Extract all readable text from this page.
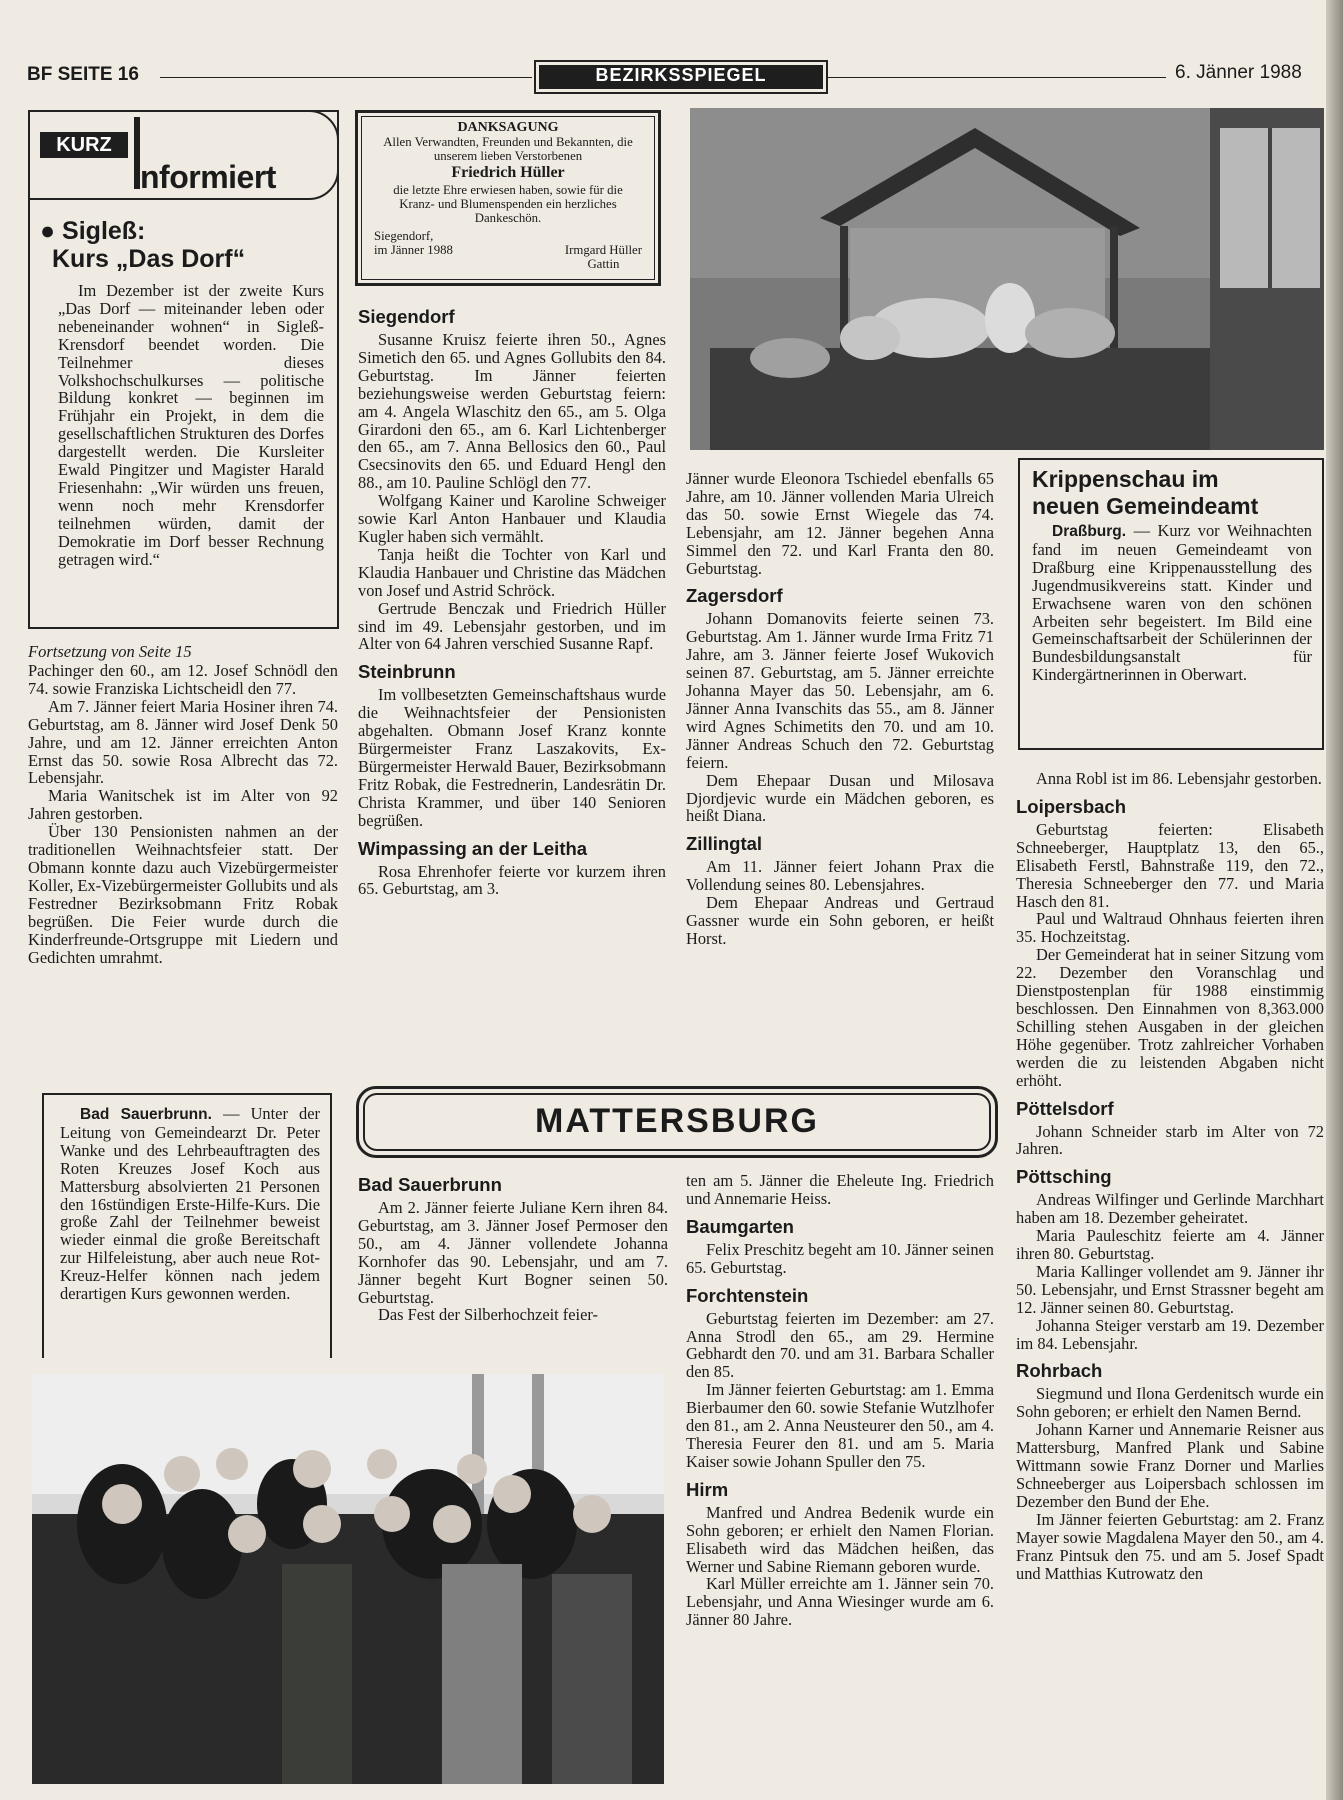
BF SEITE 16	BEZIRKSSPIEGEL	6. Jänner 1988
KURZ
nformiert
● Sigleß:
Kurs „Das Dorf“

Im Dezember ist der zweite Kurs „Das Dorf — miteinander leben oder nebeneinander wohnen“ in Sigleß-Krensdorf beendet worden. Die Teilnehmer dieses Volkshochschulkurses — politische Bildung konkret — beginnen im Frühjahr ein Projekt, in dem die gesellschaftlichen Strukturen des Dorfes dargestellt werden. Die Kursleiter Ewald Pingitzer und Magister Harald Friesenhahn: „Wir würden uns freuen, wenn noch mehr Krensdorfer teilnehmen würden, damit der Demokratie im Dorf besser Rechnung getragen wird.“

Fortsetzung von Seite 15

Pachinger den 60., am 12. Josef Schnödl den 74. sowie Franziska Lichtscheidl den 77.

Am 7. Jänner feiert Maria Hosiner ihren 74. Geburtstag, am 8. Jänner wird Josef Denk 50 Jahre, und am 12. Jänner erreichten Anton Ernst das 50. sowie Rosa Albrecht das 72. Lebensjahr.

Maria Wanitschek ist im Alter von 92 Jahren gestorben.

Über 130 Pensionisten nahmen an der traditionellen Weihnachtsfeier statt. Der Obmann konnte dazu auch Vizebürgermeister Koller, Ex-Vizebürgermeister Gollubits und als Festredner Bezirksobmann Fritz Robak begrüßen. Die Feier wurde durch die Kinderfreunde-Ortsgruppe mit Liedern und Gedichten umrahmt.

DANKSAGUNG
Allen Verwandten, Freunden und Bekannten, die unserem lieben Verstorbenen
Friedrich Hüller
die letzte Ehre erwiesen haben, sowie für die Kranz- und Blumenspenden ein herzliches Dankeschön.
Siegendorf,
im Jänner 1988	Irmgard Hüller
Gattin
Siegendorf

Susanne Kruisz feierte ihren 50., Agnes Simetich den 65. und Agnes Gollubits den 84. Geburtstag. Im Jänner feierten beziehungsweise werden Geburtstag feiern: am 4. Angela Wlaschitz den 65., am 5. Olga Girardoni den 65., am 6. Karl Lichtenberger den 65., am 7. Anna Bellosics den 60., Paul Csecsinovits den 65. und Eduard Hengl den 88., am 10. Pauline Schlögl den 77.

Wolfgang Kainer und Karoline Schweiger sowie Karl Anton Hanbauer und Klaudia Kugler haben sich vermählt.

Tanja heißt die Tochter von Karl und Klaudia Hanbauer und Christine das Mädchen von Josef und Astrid Schröck.

Gertrude Benczak und Friedrich Hüller sind im 49. Lebensjahr gestorben, und im Alter von 64 Jahren verschied Susanne Rapf.

Steinbrunn

Im vollbesetzten Gemeinschaftshaus wurde die Weihnachtsfeier der Pensionisten abgehalten. Obmann Josef Kranz konnte Bürgermeister Franz Laszakovits, Ex-Bürgermeister Herwald Bauer, Bezirksobmann Fritz Robak, die Festrednerin, Landesrätin Dr. Christa Krammer, und über 140 Senioren begrüßen.

Wimpassing an der Leitha

Rosa Ehrenhofer feierte vor kurzem ihren 65. Geburtstag, am 3.

Jänner wurde Eleonora Tschiedel ebenfalls 65 Jahre, am 10. Jänner vollenden Maria Ulreich das 50. sowie Ernst Wiegele das 74. Lebensjahr, am 12. Jänner begehen Anna Simmel den 72. und Karl Franta den 80. Geburtstag.

Zagersdorf

Johann Domanovits feierte seinen 73. Geburtstag. Am 1. Jänner wurde Irma Fritz 71 Jahre, am 3. Jänner feierte Josef Wukovich seinen 87. Geburtstag, am 5. Jänner erreichte Johanna Mayer das 50. Lebensjahr, am 6. Jänner Anna Ivanschits das 55., am 8. Jänner wird Agnes Schimetits den 70. und am 10. Jänner Andreas Schuch den 72. Geburtstag feiern.

Dem Ehepaar Dusan und Milosava Djordjevic wurde ein Mädchen geboren, es heißt Diana.

Zillingtal

Am 11. Jänner feiert Johann Prax die Vollendung seines 80. Lebensjahres.

Dem Ehepaar Andreas und Gertraud Gassner wurde ein Sohn geboren, er heißt Horst.

Krippenschau im
neuen Gemeindeamt

Draßburg. — Kurz vor Weihnachten fand im neuen Gemeindeamt von Draßburg eine Krippenausstellung des Jugendmusikvereins statt. Kinder und Erwachsene waren von den schönen Arbeiten sehr begeistert. Im Bild eine Gemeinschaftsarbeit der Schülerinnen der Bundesbildungsanstalt für Kindergärtnerinnen in Oberwart.

Anna Robl ist im 86. Lebensjahr gestorben.

Loipersbach

Geburtstag feierten: Elisabeth Schneeberger, Hauptplatz 13, den 65., Elisabeth Ferstl, Bahnstraße 119, den 72., Theresia Schneeberger den 77. und Maria Hasch den 81.

Paul und Waltraud Ohnhaus feierten ihren 35. Hochzeitstag.

Der Gemeinderat hat in seiner Sitzung vom 22. Dezember den Voranschlag und Dienstpostenplan für 1988 einstimmig beschlossen. Den Einnahmen von 8,363.000 Schilling stehen Ausgaben in der gleichen Höhe gegenüber. Trotz zahlreicher Vorhaben werden die zu leistenden Abgaben nicht erhöht.

Pöttelsdorf

Johann Schneider starb im Alter von 72 Jahren.

Pöttsching

Andreas Wilfinger und Gerlinde Marchhart haben am 18. Dezember geheiratet.

Maria Pauleschitz feierte am 4. Jänner ihren 80. Geburtstag.

Maria Kallinger vollendet am 9. Jänner ihr 50. Lebensjahr, und Ernst Strassner begeht am 12. Jänner seinen 80. Geburtstag.

Johanna Steiger verstarb am 19. Dezember im 84. Lebensjahr.

Rohrbach

Siegmund und Ilona Gerdenitsch wurde ein Sohn geboren; er erhielt den Namen Bernd.

Johann Karner und Annemarie Reisner aus Mattersburg, Manfred Plank und Sabine Wittmann sowie Franz Dorner und Marlies Schneeberger aus Loipersbach schlossen im Dezember den Bund der Ehe.

Im Jänner feierten Geburtstag: am 2. Franz Mayer sowie Magdalena Mayer den 50., am 4. Franz Pintsuk den 75. und am 5. Josef Spadt und Matthias Kutrowatz den

Bad Sauerbrunn. — Unter der Leitung von Gemeindearzt Dr. Peter Wanke und des Lehrbeauftragten des Roten Kreuzes Josef Koch aus Mattersburg absolvierten 21 Personen den 16stündigen Erste-Hilfe-Kurs. Die große Zahl der Teilnehmer beweist wieder einmal die große Bereitschaft zur Hilfeleistung, aber auch neue Rot-Kreuz-Helfer können nach jedem derartigen Kurs gewonnen werden.

MATTERSBURG
Bad Sauerbrunn

Am 2. Jänner feierte Juliane Kern ihren 84. Geburtstag, am 3. Jänner Josef Permoser den 50., am 4. Jänner vollendete Johanna Kornhofer das 90. Lebensjahr, und am 7. Jänner begeht Kurt Bogner seinen 50. Geburtstag.

Das Fest der Silberhochzeit feier-

ten am 5. Jänner die Eheleute Ing. Friedrich und Annemarie Heiss.

Baumgarten

Felix Preschitz begeht am 10. Jänner seinen 65. Geburtstag.

Forchtenstein

Geburtstag feierten im Dezember: am 27. Anna Strodl den 65., am 29. Hermine Gebhardt den 70. und am 31. Barbara Schaller den 85.

Im Jänner feierten Geburtstag: am 1. Emma Bierbaumer den 60. sowie Stefanie Wutzlhofer den 81., am 2. Anna Neusteurer den 50., am 4. Theresia Feurer den 81. und am 5. Maria Kaiser sowie Johann Spuller den 75.

Hirm

Manfred und Andrea Bedenik wurde ein Sohn geboren; er erhielt den Namen Florian. Elisabeth wird das Mädchen heißen, das Werner und Sabine Riemann geboren wurde.

Karl Müller erreichte am 1. Jänner sein 70. Lebensjahr, und Anna Wiesinger wurde am 6. Jänner 80 Jahre.
